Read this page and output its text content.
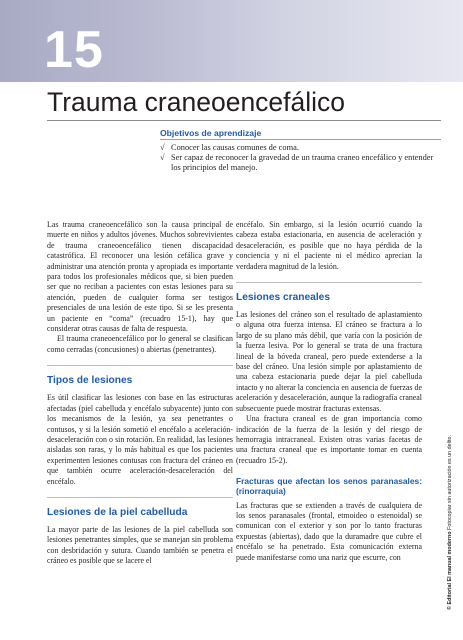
15
Trauma craneoencefálico
Objetivos de aprendizaje
√ Conocer las causas comunes de coma.
√ Ser capaz de reconocer la gravedad de un trauma craneo encefálico y entender los principios del manejo.

Las trauma craneoencefálico son la causa principal de muerte en niños y adultos jóvenes. Muchos sobrevivientes de trauma craneoencefálico tienen discapacidad catastrófica. El reconocer una lesión cefálica grave y administrar una atención pronta y apropiada es importante para todos los profesionales médicos que, si bien pueden ser que no reciban a pacientes con estas lesiones para su atención, pueden de cualquier forma ser testigos presenciales de una lesión de este tipo. Si se les presenta un paciente en “coma” (recuadro 15-1), hay que considerar otras causas de falta de respuesta.

El trauma craneoencefálico por lo general se clasifican como cerradas (concusiones) o abiertas (penetrantes).

Tipos de lesiones

Es útil clasificar las lesiones con base en las estructuras afectadas (piel cabelluda y encéfalo subyacente) junto con los mecanismos de la lesión, ya sea penetrantes o contusos, y si la lesión sometió el encéfalo a aceleración-desaceleración con o sin rotación. En realidad, las lesiones aisladas son raras, y lo más habitual es que los pacientes experimenten lesiones contusas con fractura del cráneo en que también ocurre aceleración-desaceleración del encéfalo.

Lesiones de la piel cabelluda

La mayor parte de las lesiones de la piel cabelluda son lesiones penetrantes simples, que se manejan sin problema con desbridación y sutura. Cuando también se penetra el cráneo es posible que se lacere el

encéfalo. Sin embargo, si la lesión ocurrió cuando la cabeza estaba estacionaria, en ausencia de aceleración y desaceleración, es posible que no haya pérdida de la conciencia y ni el paciente ni el médico aprecian la verdadera magnitud de la lesión.

Lesiones craneales

Las lesiones del cráneo son el resultado de aplastamiento o alguna otra fuerza intensa. El cráneo se fractura a lo largo de su plano más débil, que varía con la posición de la fuerza lesiva. Por lo general se trata de una fractura lineal de la bóveda craneal, pero puede extenderse a la base del cráneo. Una lesión simple por aplastamiento de una cabeza estacionaria puede dejar la piel cabelluda intacto y no alterar la conciencia en ausencia de fuerzas de aceleración y desaceleración, aunque la radiografía craneal subsecuente puede mostrar fracturas extensas.

Una fractura craneal es de gran importancia como indicación de la fuerza de la lesión y del riesgo de hemorragia intracraneal. Existen otras varias facetas de una fractura craneal que es importante tomar en cuenta (recuadro 15-2).

Fracturas que afectan los senos paranasales: (rinorraquia)

Las fracturas que se extienden a través de cualquiera de los senos paranasales (frontal, etmoideo o estenoidal) se comunican con el exterior y son por lo tanto fracturas expuestas (abiertas), dado que la duramadre que cubre el encéfalo se ha penetrado. Esta comunicación externa puede manifestarse como una nariz que escurre, con	© Editorial El manual moderno Fotocopiar sin autorización es un delito.
